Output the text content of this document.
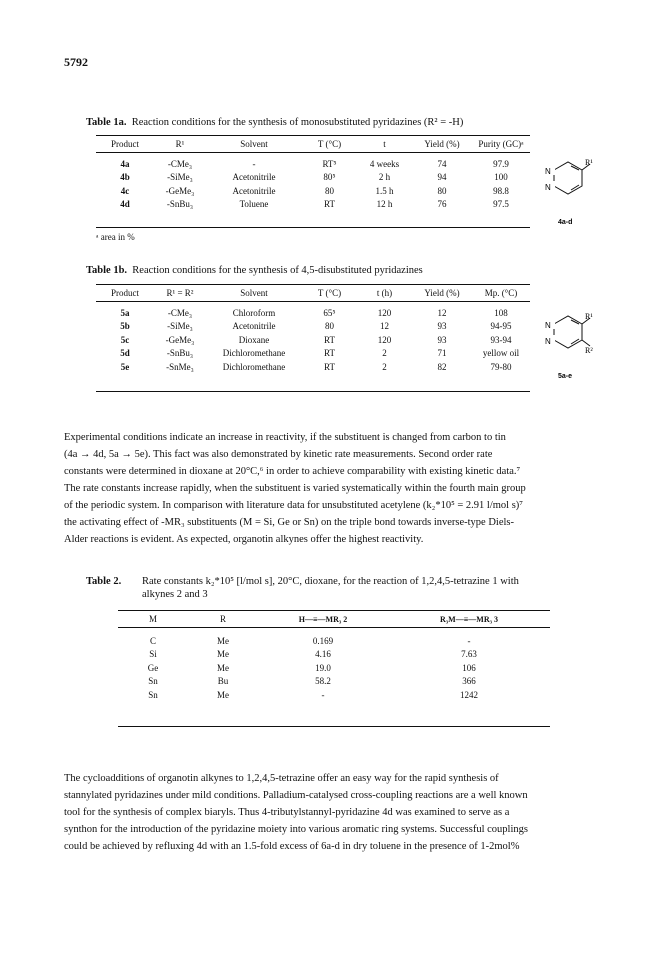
5792
Table 1a. Reaction conditions for the synthesis of monosubstituted pyridazines (R² = -H)
Product	R¹	Solvent	T (°C)	t	Yield (%)	Purity (GC)ᵃ

4a	-CMe₃	-	RT⁵	4 weeks	74	97.9
4b	-SiMe₃	Acetonitrile	80⁵	2 h	94	100
4c	-GeMe₃	Acetonitrile	80	1.5 h	80	98.8
4d	-SnBu₃	Toluene	RT	12 h	76	97.5
ᵃ area in %
N
N
R¹
4a-d
Table 1b. Reaction conditions for the synthesis of 4,5-disubstituted pyridazines
Product	R¹ = R²	Solvent	T (°C)	t (h)	Yield (%)	Mp. (°C)

5a	-CMe₃	Chloroform	65⁵	120	12	108
5b	-SiMe₃	Acetonitrile	80	12	93	94-95
5c	-GeMe₃	Dioxane	RT	120	93	93-94
5d	-SnBu₃	Dichloromethane	RT	2	71	yellow oil
5e	-SnMe₃	Dichloromethane	RT	2	82	79-80
N
N
R¹
R²
5a-e
Experimental conditions indicate an increase in reactivity, if the substituent is changed from carbon to tin
(4a → 4d, 5a → 5e). This fact was also demonstrated by kinetic rate measurements. Second order rate
constants were determined in dioxane at 20°C,⁶ in order to achieve comparability with existing kinetic data.⁷
The rate constants increase rapidly, when the substituent is varied systematically within the fourth main group
of the periodic system. In comparison with literature data for unsubstituted acetylene (k₂*10⁵ = 2.91 l/mol s)⁷
the activating effect of -MR₃ substituents (M = Si, Ge or Sn) on the triple bond towards inverse-type Diels-
Alder reactions is evident. As expected, organotin alkynes offer the highest reactivity.
Table 2.	Rate constants k₂*10⁵ [l/mol s], 20°C, dioxane, for the reaction of 1,2,4,5-tetrazine 1 with
alkynes 2 and 3
M	R	H—≡—MR₃ 2	R₃M—≡—MR₃ 3

C	Me	0.169	-
Si	Me	4.16	7.63
Ge	Me	19.0	106
Sn	Bu	58.2	366
Sn	Me	-	1242
The cycloadditions of organotin alkynes to 1,2,4,5-tetrazine offer an easy way for the rapid synthesis of
stannylated pyridazines under mild conditions. Palladium-catalysed cross-coupling reactions are a well known
tool for the synthesis of complex biaryls. Thus 4-tributylstannyl-pyridazine 4d was examined to serve as a
synthon for the introduction of the pyridazine moiety into various aromatic ring systems. Successful couplings
could be achieved by refluxing 4d with an 1.5-fold excess of 6a-d in dry toluene in the presence of 1-2mol%
